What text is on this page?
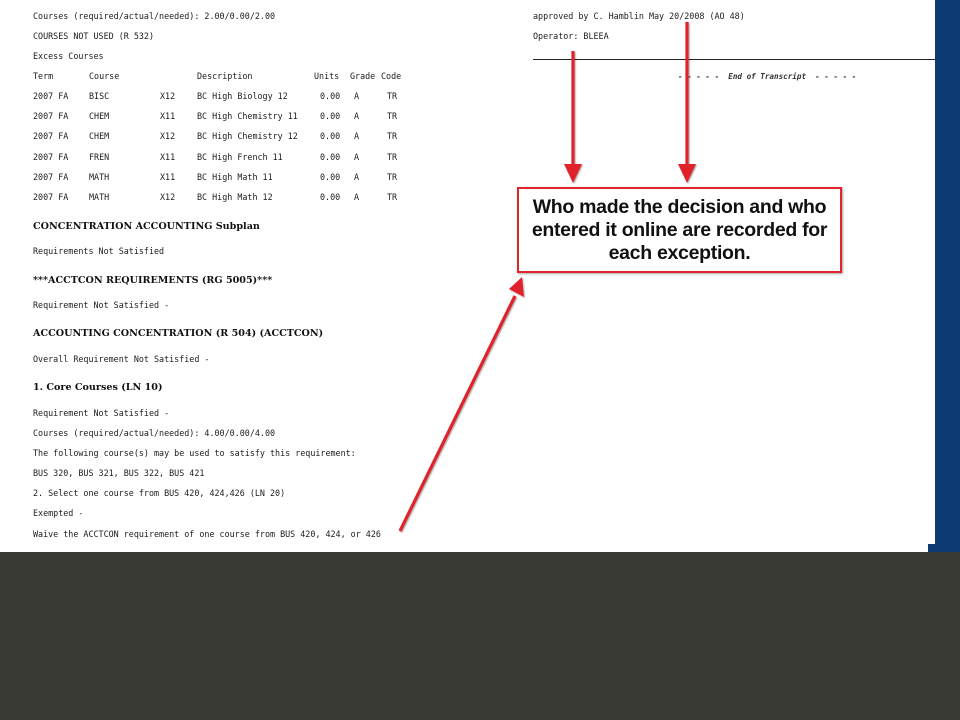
Courses (required/actual/needed): 2.00/0.00/2.00
COURSES NOT USED (R 532)
Excess Courses
Term	Course	Description	Units Grade Code
2007 FA BISC	X12	BC High Biology 12	0.00 A	TR
2007 FA CHEM	X11	BC High Chemistry 11	0.00 A	TR
2007 FA CHEM	X12	BC High Chemistry 12	0.00 A	TR
2007 FA FREN	X11	BC High French 11	0.00 A	TR
2007 FA MATH	X11	BC High Math 11	0.00 A	TR
2007 FA MATH	X12	BC High Math 12	0.00 A	TR
CONCENTRATION ACCOUNTING Subplan
Requirements Not Satisfied
***ACCTCON REQUIREMENTS (RG 5005)***
Requirement Not Satisfied -
ACCOUNTING CONCENTRATION (R 504) (ACCTCON)
Overall Requirement Not Satisfied -
1. Core Courses (LN 10)
Requirement Not Satisfied -
Courses (required/actual/needed): 4.00/0.00/4.00
The following course(s) may be used to satisfy this requirement:
BUS 320, BUS 321, BUS 322, BUS 421
2. Select one course from BUS 420, 424,426 (LN 20)
Exempted -
Waive the ACCTCON requirement of one course from BUS 420, 424, or 426
approved by C. Hamblin May 20/2008 (AO 48)
Operator: BLEEA
- - - - -  End of Transcript  - - - - -
Who made the decision and who entered it online are recorded for each exception.
